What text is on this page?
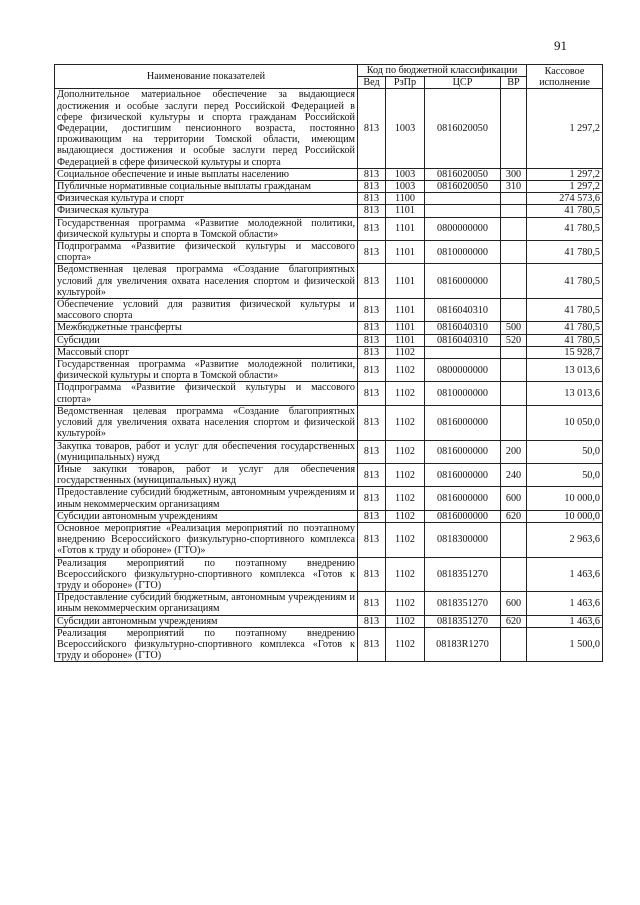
91
Наименование показателей	Код по бюджетной классификации				Кассовое исполнение
	Вед	РзПр	ЦСР	ВР	
Дополнительное материальное обеспечение за выдающиеся достижения и особые заслуги перед Российской Федерацией в сфере физической культуры и спорта гражданам Российской Федерации, достигшим пенсионного возраста, постоянно проживающим на территории Томской области, имеющим выдающиеся достижения и особые заслуги перед Российской Федерацией в сфере физической культуры и спорта	813	1003	0816020050		1 297,2
Социальное обеспечение и иные выплаты населению	813	1003	0816020050	300	1 297,2
Публичные нормативные социальные выплаты гражданам	813	1003	0816020050	310	1 297,2
Физическая культура и спорт	813	1100			274 573,6
Физическая культура	813	1101			41 780,5
Государственная программа «Развитие молодежной политики, физической культуры и спорта в Томской области»	813	1101	0800000000		41 780,5
Подпрограмма «Развитие физической культуры и массового спорта»	813	1101	0810000000		41 780,5
Ведомственная целевая программа «Создание благоприятных условий для увеличения охвата населения спортом и физической культурой»	813	1101	0816000000		41 780,5
Обеспечение условий для развития физической культуры и массового спорта	813	1101	0816040310		41 780,5
Межбюджетные трансферты	813	1101	0816040310	500	41 780,5
Субсидии	813	1101	0816040310	520	41 780,5
Массовый спорт	813	1102			15 928,7
Государственная программа «Развитие молодежной политики, физической культуры и спорта в Томской области»	813	1102	0800000000		13 013,6
Подпрограмма «Развитие физической культуры и массового спорта»	813	1102	0810000000		13 013,6
Ведомственная целевая программа «Создание благоприятных условий для увеличения охвата населения спортом и физической культурой»	813	1102	0816000000		10 050,0
Закупка товаров, работ и услуг для обеспечения государственных (муниципальных) нужд	813	1102	0816000000	200	50,0
Иные закупки товаров, работ и услуг для обеспечения государственных (муниципальных) нужд	813	1102	0816000000	240	50,0
Предоставление субсидий бюджетным, автономным учреждениям и иным некоммерческим организациям	813	1102	0816000000	600	10 000,0
Субсидии автономным учреждениям	813	1102	0816000000	620	10 000,0
Основное мероприятие «Реализация мероприятий по поэтапному внедрению Всероссийского физкультурно-спортивного комплекса «Готов к труду и обороне» (ГТО)»	813	1102	0818300000		2 963,6
Реализация мероприятий по поэтапному внедрению Всероссийского физкультурно-спортивного комплекса «Готов к труду и обороне» (ГТО)	813	1102	0818351270		1 463,6
Предоставление субсидий бюджетным, автономным учреждениям и иным некоммерческим организациям	813	1102	0818351270	600	1 463,6
Субсидии автономным учреждениям	813	1102	0818351270	620	1 463,6
Реализация мероприятий по поэтапному внедрению Всероссийского физкультурно-спортивного комплекса «Готов к труду и обороне» (ГТО)	813	1102	08183R1270		1 500,0
